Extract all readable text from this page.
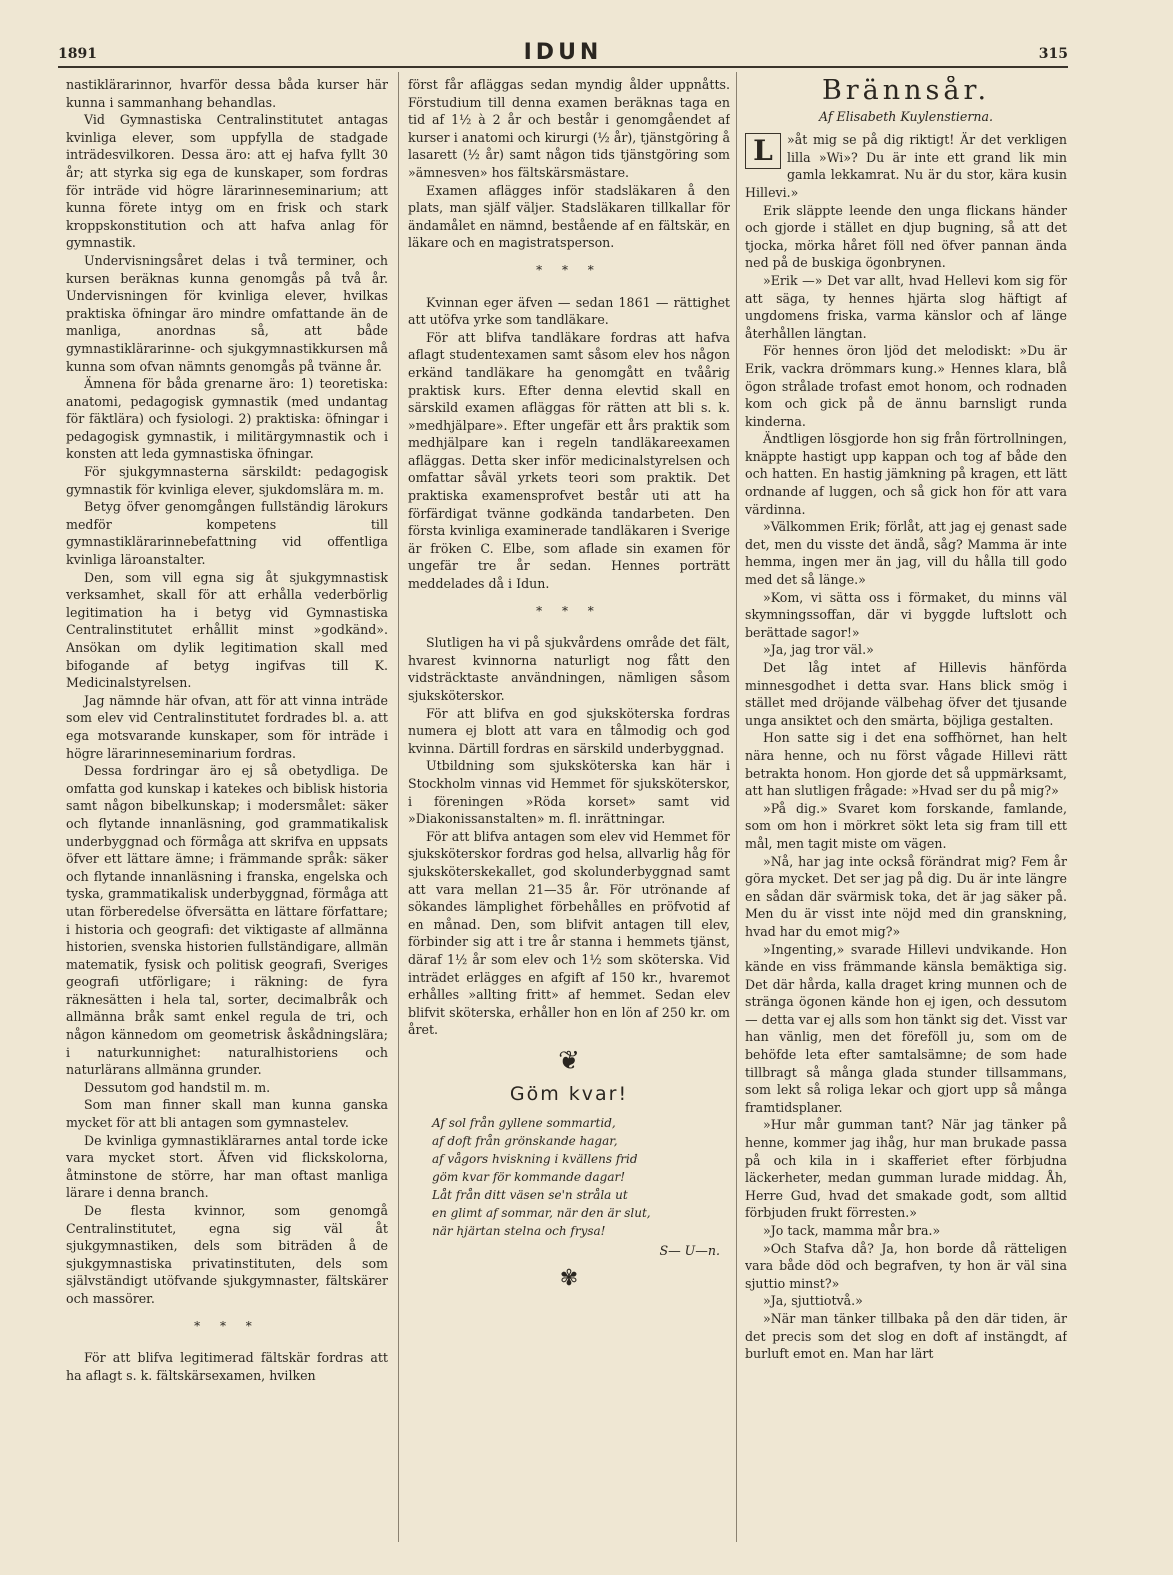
1891	IDUN	315

nastiklärarinnor, hvarför dessa båda kurser här kunna i sammanhang behandlas.

Vid Gymnastiska Centralinstitutet antagas kvinliga elever, som uppfylla de stadgade inträdesvilkoren. Dessa äro: att ej hafva fyllt 30 år; att styrka sig ega de kunskaper, som fordras för inträde vid högre lärarinneseminarium; att kunna förete intyg om en frisk och stark kroppskonstitution och att hafva anlag för gymnastik.

Undervisningsåret delas i två terminer, och kursen beräknas kunna genomgås på två år. Undervisningen för kvinliga elever, hvilkas praktiska öfningar äro mindre omfattande än de manliga, anordnas så, att både gymnastiklärarinne- och sjukgymnastikkursen må kunna som ofvan nämnts genomgås på tvänne år.

Ämnena för båda grenarne äro: 1) teoretiska: anatomi, pedagogisk gymnastik (med undantag för fäktlära) och fysiologi. 2) praktiska: öfningar i pedagogisk gymnastik, i militärgymnastik och i konsten att leda gymnastiska öfningar.

För sjukgymnasterna särskildt: pedagogisk gymnastik för kvinliga elever, sjukdomslära m. m.

Betyg öfver genomgången fullständig lärokurs medför kompetens till gymnastiklärarinnebefattning vid offentliga kvinliga läroanstalter.

Den, som vill egna sig åt sjukgymnastisk verksamhet, skall för att erhålla vederbörlig legitimation ha i betyg vid Gymnastiska Centralinstitutet erhållit minst »godkänd». Ansökan om dylik legitimation skall med bifogande af betyg ingifvas till K. Medicinalstyrelsen.

Jag nämnde här ofvan, att för att vinna inträde som elev vid Centralinstitutet fordrades bl. a. att ega motsvarande kunskaper, som för inträde i högre lärarinneseminarium fordras.

Dessa fordringar äro ej så obetydliga. De omfatta god kunskap i katekes och biblisk historia samt någon bibelkunskap; i modersmålet: säker och flytande innanläsning, god grammatikalisk underbyggnad och förmåga att skrifva en uppsats öfver ett lättare ämne; i främmande språk: säker och flytande innanläsning i franska, engelska och tyska, grammatikalisk underbyggnad, förmåga att utan förberedelse öfversätta en lättare författare; i historia och geografi: det viktigaste af allmänna historien, svenska historien fullständigare, allmän matematik, fysisk och politisk geografi, Sveriges geografi utförligare; i räkning: de fyra räknesätten i hela tal, sorter, decimalbråk och allmänna bråk samt enkel regula de tri, och någon kännedom om geometrisk åskådningslära; i naturkunnighet: naturalhistoriens och naturlärans allmänna grunder.

Dessutom god handstil m. m.

Som man finner skall man kunna ganska mycket för att bli antagen som gymnastelev.

De kvinliga gymnastiklärarnes antal torde icke vara mycket stort. Äfven vid flickskolorna, åtminstone de större, har man oftast manliga lärare i denna branch.

De flesta kvinnor, som genomgå Centralinstitutet, egna sig väl åt sjukgymnastiken, dels som biträden å de sjukgymnastiska privatinstituten, dels som självständigt utöfvande sjukgymnaster, fältskärer och massörer.

* * *

För att blifva legitimerad fältskär fordras att ha aflagt s. k. fältskärsexamen, hvilken

först får afläggas sedan myndig ålder uppnåtts. Förstudium till denna examen beräknas taga en tid af 1½ à 2 år och består i genomgåendet af kurser i anatomi och kirurgi (½ år), tjänstgöring å lasarett (½ år) samt någon tids tjänstgöring som »ämnesven» hos fältskärsmästare.

Examen aflägges inför stadsläkaren å den plats, man själf väljer. Stadsläkaren tillkallar för ändamålet en nämnd, bestående af en fältskär, en läkare och en magistratsperson.

* * *

Kvinnan eger äfven — sedan 1861 — rättighet att utöfva yrke som tandläkare.

För att blifva tandläkare fordras att hafva aflagt studentexamen samt såsom elev hos någon erkänd tandläkare ha genomgått en tvåårig praktisk kurs. Efter denna elevtid skall en särskild examen afläggas för rätten att bli s. k. »medhjälpare». Efter ungefär ett års praktik som medhjälpare kan i regeln tandläkareexamen afläggas. Detta sker inför medicinalstyrelsen och omfattar såväl yrkets teori som praktik. Det praktiska examensprofvet består uti att ha förfärdigat tvänne godkända tandarbeten. Den första kvinliga examinerade tandläkaren i Sverige är fröken C. Elbe, som aflade sin examen för ungefär tre år sedan. Hennes porträtt meddelades då i Idun.

* * *

Slutligen ha vi på sjukvårdens område det fält, hvarest kvinnorna naturligt nog fått den vidsträcktaste användningen, nämligen såsom sjuksköterskor.

För att blifva en god sjuksköterska fordras numera ej blott att vara en tålmodig och god kvinna. Därtill fordras en särskild underbyggnad.

Utbildning som sjuksköterska kan här i Stockholm vinnas vid Hemmet för sjuksköterskor, i föreningen »Röda korset» samt vid »Diakonissanstalten» m. fl. inrättningar.

För att blifva antagen som elev vid Hemmet för sjuksköterskor fordras god helsa, allvarlig håg för sjuksköterskekallet, god skolunderbyggnad samt att vara mellan 21—35 år. För utrönande af sökandes lämplighet förbehålles en pröfvotid af en månad. Den, som blifvit antagen till elev, förbinder sig att i tre år stanna i hemmets tjänst, däraf 1½ år som elev och 1½ som sköterska. Vid inträdet erlägges en afgift af 150 kr., hvaremot erhålles »allting fritt» af hemmet. Sedan elev blifvit sköterska, erhåller hon en lön af 250 kr. om året.

❦
Göm kvar!
Af sol från gyllene sommartid,
af doft från grönskande hagar,
af vågors hviskning i kvällens frid
göm kvar för kommande dagar!
Låt från ditt väsen se'n stråla ut
en glimt af sommar, när den är slut,
när hjärtan stelna och frysa!
S— U—n.
✾
Brännsår.
Af Elisabeth Kuylenstierna.

L	»åt mig se på dig riktigt! Är det verkligen lilla »Wi»? Du är inte ett grand lik min gamla lekkamrat. Nu är du stor, kära kusin Hillevi.»

Erik släppte leende den unga flickans händer och gjorde i stället en djup bugning, så att det tjocka, mörka håret föll ned öfver pannan ända ned på de buskiga ögonbrynen.

»Erik —» Det var allt, hvad Hellevi kom sig för att säga, ty hennes hjärta slog häftigt af ungdomens friska, varma känslor och af länge återhållen längtan.

För hennes öron ljöd det melodiskt: »Du är Erik, vackra drömmars kung.» Hennes klara, blå ögon strålade trofast emot honom, och rodnaden kom och gick på de ännu barnsligt runda kinderna.

Ändtligen lösgjorde hon sig från förtrollningen, knäppte hastigt upp kappan och tog af både den och hatten. En hastig jämkning på kragen, ett lätt ordnande af luggen, och så gick hon för att vara värdinna.

»Välkommen Erik; förlåt, att jag ej genast sade det, men du visste det ändå, såg? Mamma är inte hemma, ingen mer än jag, vill du hålla till godo med det så länge.»

»Kom, vi sätta oss i förmaket, du minns väl skymningssoffan, där vi byggde luftslott och berättade sagor!»

»Ja, jag tror väl.»

Det låg intet af Hillevis hänförda minnesgodhet i detta svar. Hans blick smög i stället med dröjande välbehag öfver det tjusande unga ansiktet och den smärta, böjliga gestalten.

Hon satte sig i det ena soffhörnet, han helt nära henne, och nu först vågade Hillevi rätt betrakta honom. Hon gjorde det så uppmärksamt, att han slutligen frågade: »Hvad ser du på mig?»

»På dig.» Svaret kom forskande, famlande, som om hon i mörkret sökt leta sig fram till ett mål, men tagit miste om vägen.

»Nå, har jag inte också förändrat mig? Fem år göra mycket. Det ser jag på dig. Du är inte längre en sådan där svärmisk toka, det är jag säker på. Men du är visst inte nöjd med din granskning, hvad har du emot mig?»

»Ingenting,» svarade Hillevi undvikande. Hon kände en viss främmande känsla bemäktiga sig. Det där hårda, kalla draget kring munnen och de stränga ögonen kände hon ej igen, och dessutom — detta var ej alls som hon tänkt sig det. Visst var han vänlig, men det föreföll ju, som om de behöfde leta efter samtalsämne; de som hade tillbragt så många glada stunder tillsammans, som lekt så roliga lekar och gjort upp så många framtidsplaner.

»Hur mår gumman tant? När jag tänker på henne, kommer jag ihåg, hur man brukade passa på och kila in i skafferiet efter förbjudna läckerheter, medan gumman lurade middag. Åh, Herre Gud, hvad det smakade godt, som alltid förbjuden frukt förresten.»

»Jo tack, mamma mår bra.»

»Och Stafva då? Ja, hon borde då rätteligen vara både död och begrafven, ty hon är väl sina sjuttio minst?»

»Ja, sjuttiotvå.»

»När man tänker tillbaka på den där tiden, är det precis som det slog en doft af instängdt, af burluft emot en. Man har lärt
